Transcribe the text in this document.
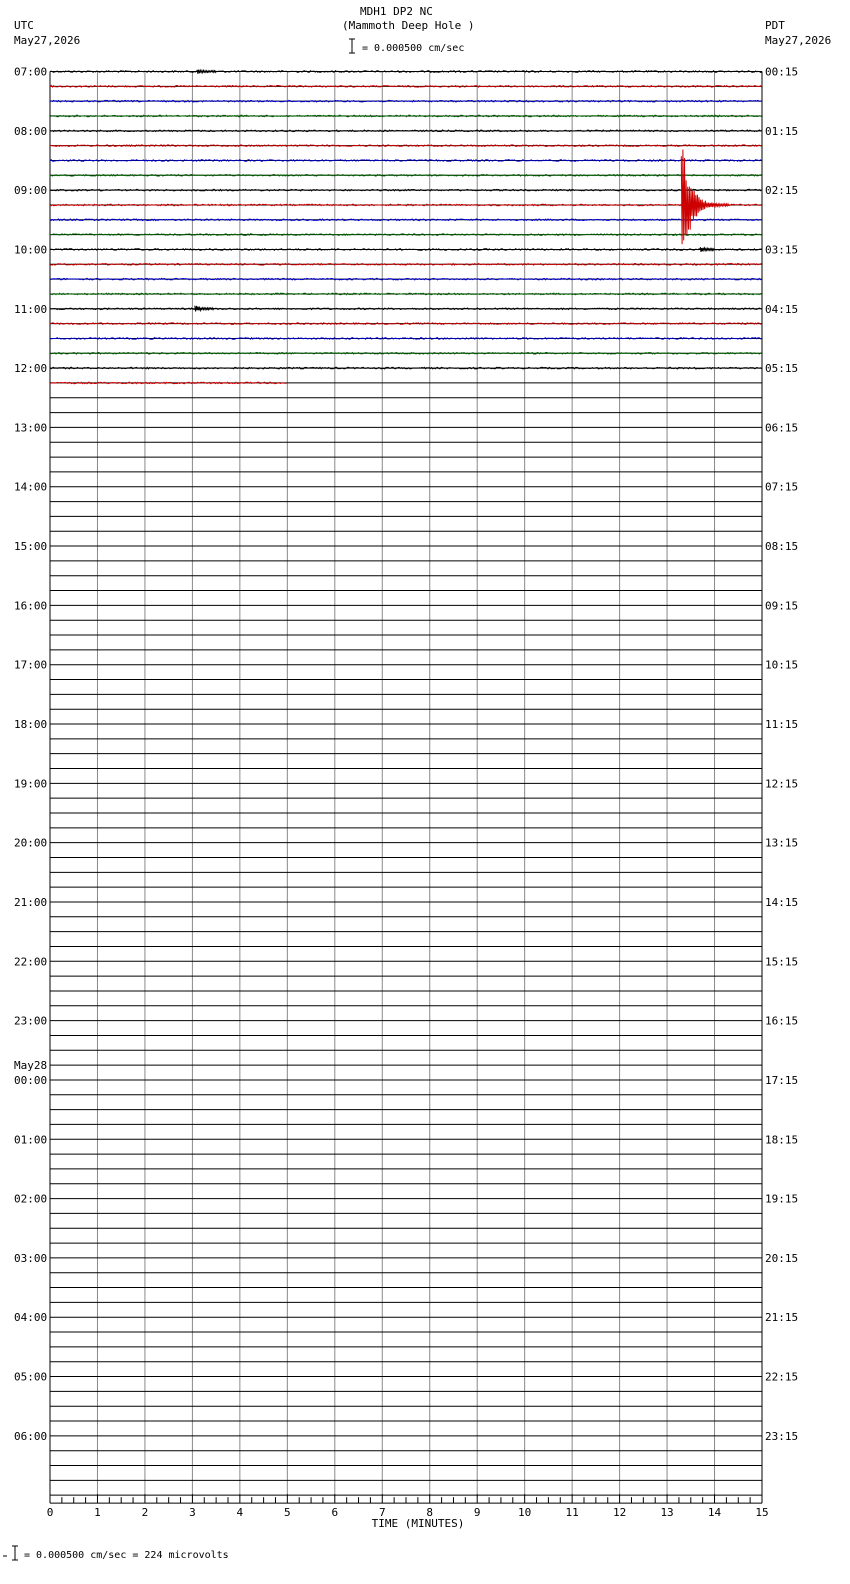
MDH1 DP2 NC
(Mammoth Deep Hole )
UTC
May27,2026
PDT
May27,2026
= 0.000500 cm/sec
= 0.000500 cm/sec = 224 microvolts
07:00	00:15
08:00	01:15
09:00	02:15
10:00	03:15
11:00	04:15
12:00	05:15
13:00	06:15
14:00	07:15
15:00	08:15
16:00	09:15
17:00	10:15
18:00	11:15
19:00	12:15
20:00	13:15
21:00	14:15
22:00	15:15
23:00	16:15
00:00	17:15
01:00	18:15
02:00	19:15
03:00	20:15
04:00	21:15
05:00	22:15
06:00	23:15
May28
0	1	2	3	4	5	6	7	8	9	10	11	12	13	14	15
TIME (MINUTES)
